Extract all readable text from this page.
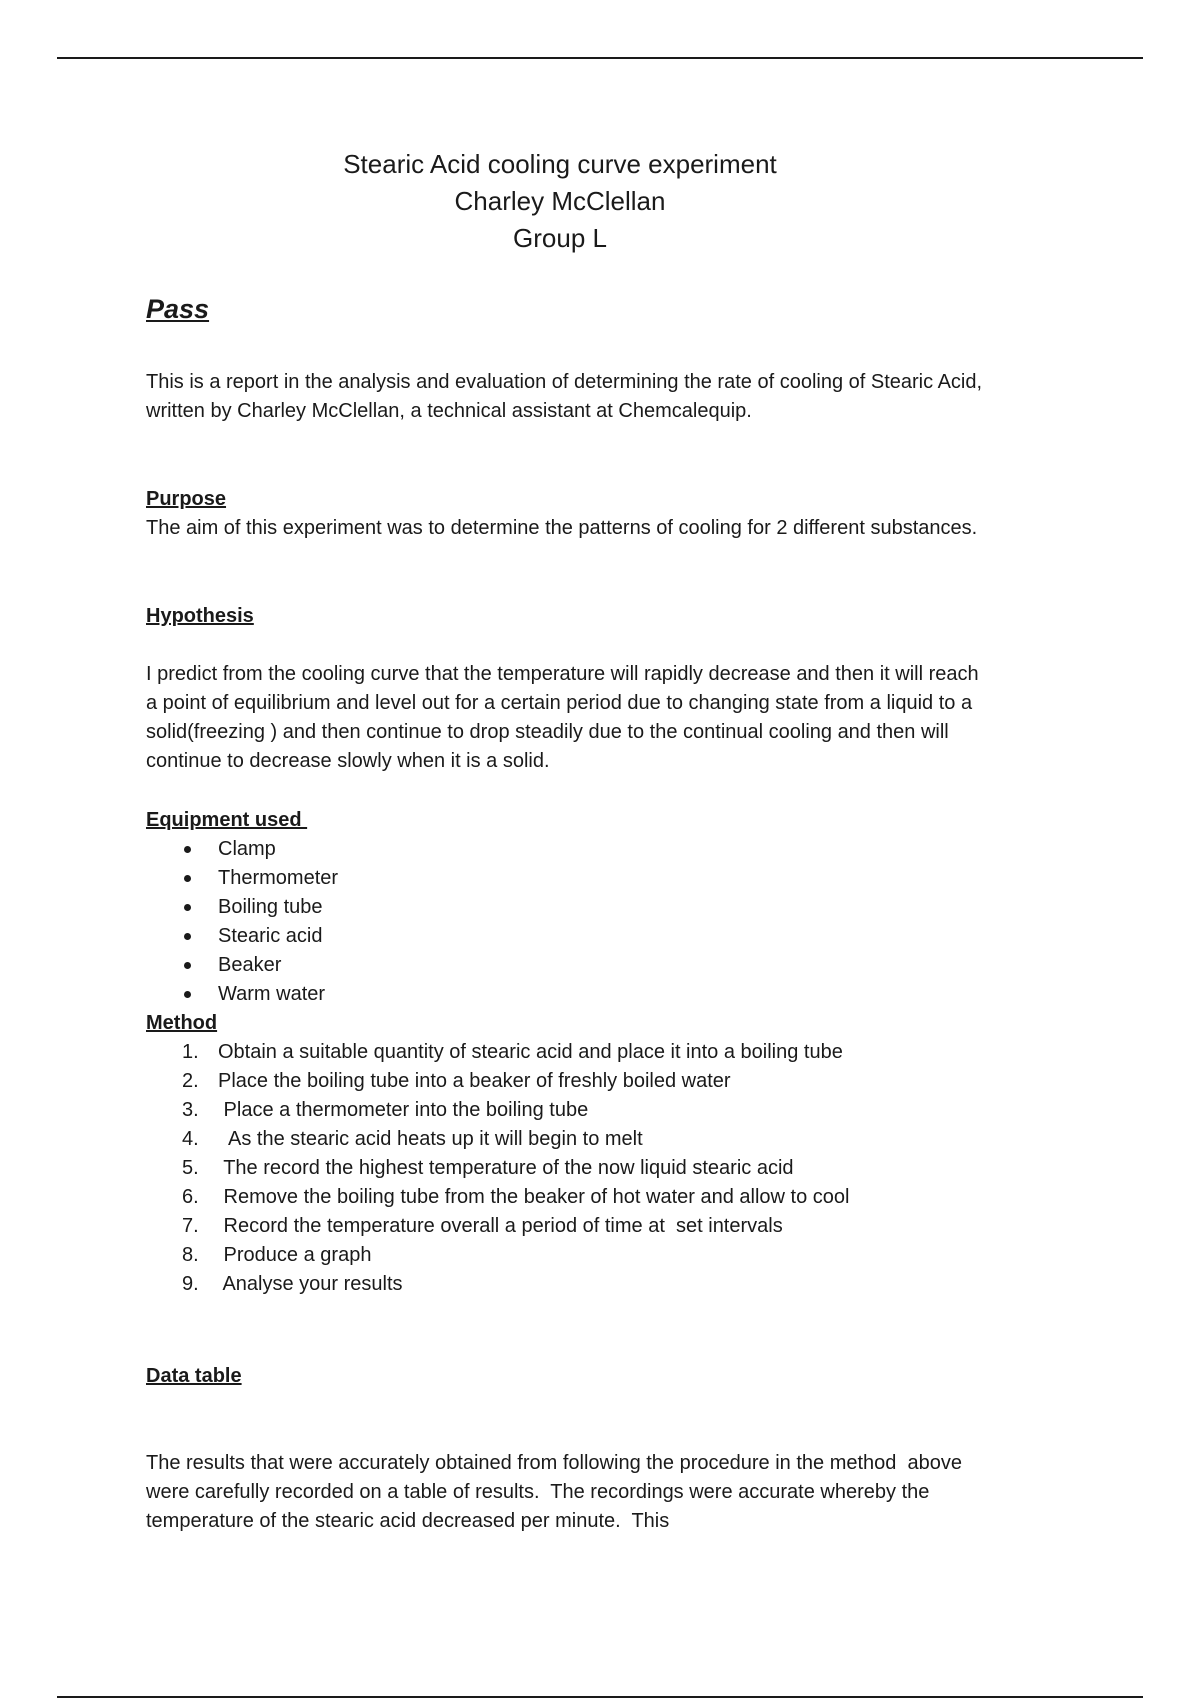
Stearic Acid cooling curve experiment
Charley McClellan
Group L
Pass

This is a report in the analysis and evaluation of determining the rate of cooling of Stearic Acid, written by Charley McClellan, a technical assistant at Chemcalequip.

Purpose

The aim of this experiment was to determine the patterns of cooling for 2 different substances.

Hypothesis

I predict from the cooling curve that the temperature will rapidly decrease and then it will reach a point of equilibrium and level out for a certain period due to changing state from a liquid to a solid(freezing ) and then continue to drop steadily due to the continual cooling and then will continue to decrease slowly when it is a solid.

Equipment used
Clamp
Thermometer
Boiling tube
Stearic acid
Beaker
Warm water
Method
1. Obtain a suitable quantity of stearic acid and place it into a boiling tube
2. Place the boiling tube into a beaker of freshly boiled water
3. Place a thermometer into the boiling tube
4. As the stearic acid heats up it will begin to melt
5. The record the highest temperature of the now liquid stearic acid
6. Remove the boiling tube from the beaker of hot water and allow to cool
7. Record the temperature overall a period of time at  set intervals
8. Produce a graph
9. Analyse your results
Data table

The results that were accurately obtained from following the procedure in the method  above were carefully recorded on a table of results.  The recordings were accurate whereby the temperature of the stearic acid decreased per minute.  This
